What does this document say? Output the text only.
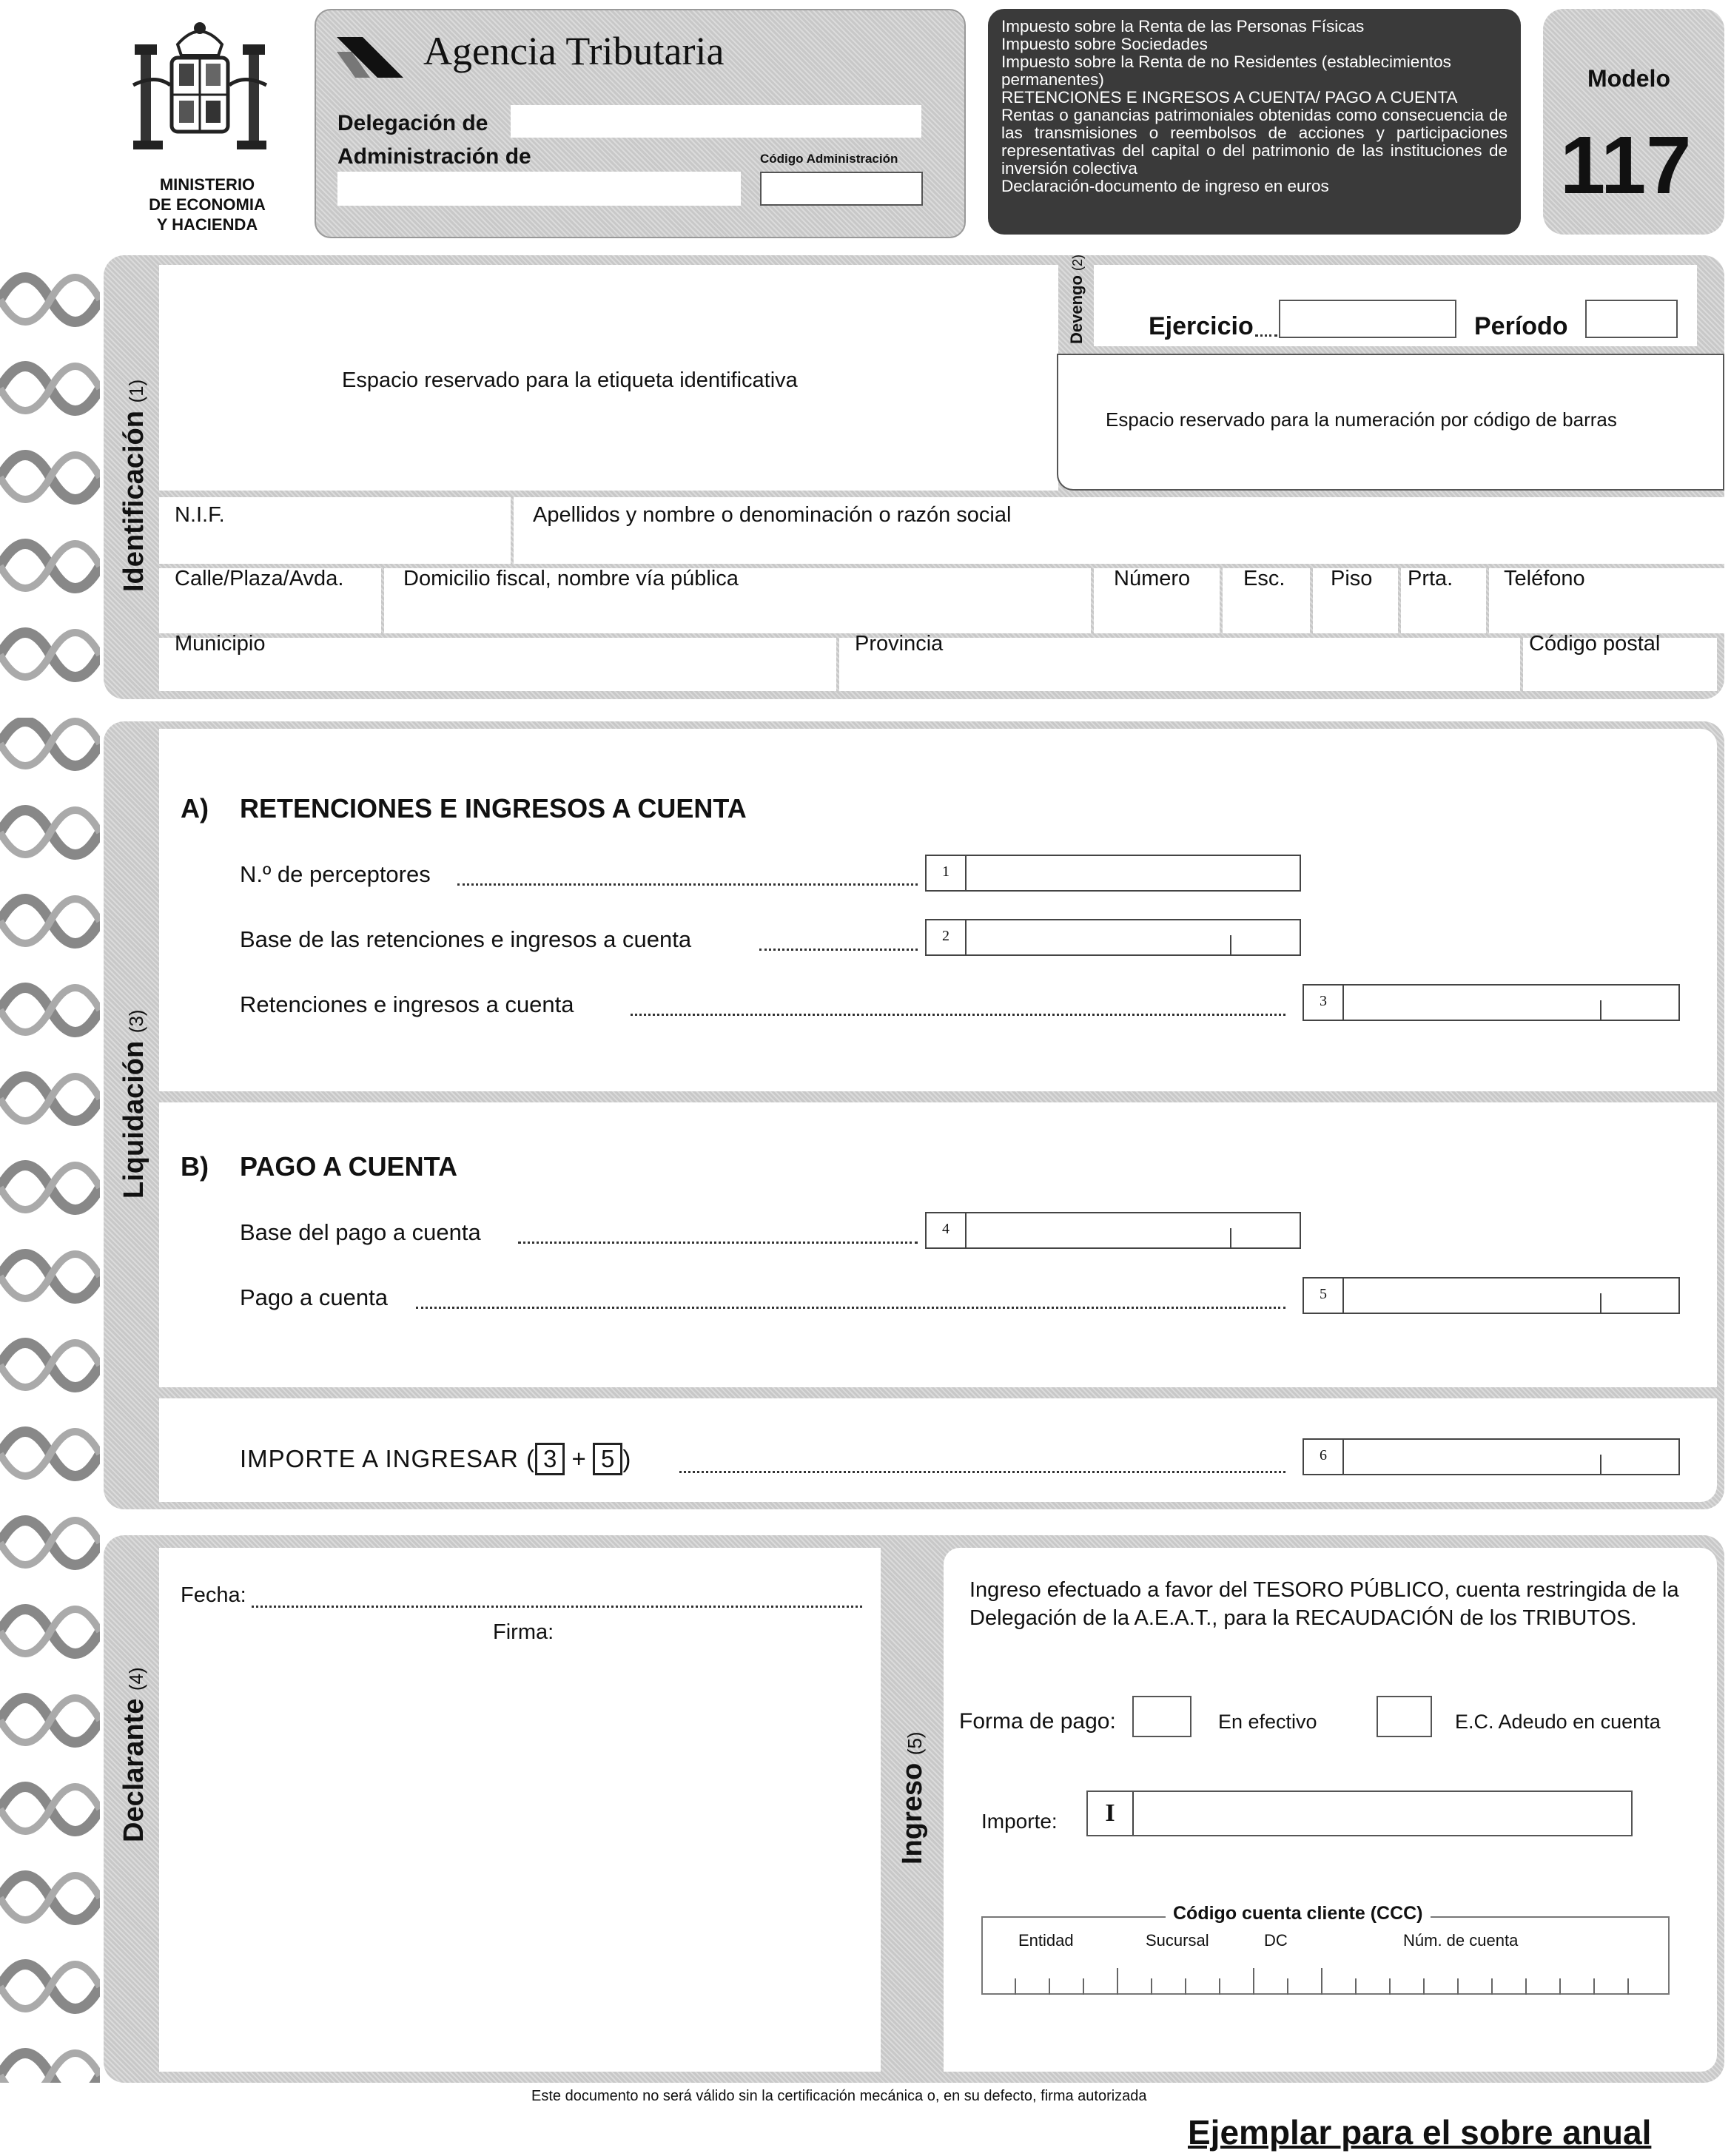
MINISTERIO
DE ECONOMIA
Y HACIENDA
Agencia Tributaria
Delegación de
Administración de	Código Administración
Impuesto sobre la Renta de las Personas Físicas
Impuesto sobre Sociedades
Impuesto sobre la Renta de no Residentes (establecimientos permanentes)
RETENCIONES E INGRESOS A CUENTA/ PAGO A CUENTA
Rentas o ganancias patrimoniales obtenidas como consecuencia de las transmisiones o reembolsos de acciones y participaciones representativas del capital o del patrimonio de las instituciones de inversión colectiva
Declaración-documento de ingreso en euros
Modelo
117
Identificación (1)	Espacio reservado para la etiqueta identificativa
Devengo (2)
Ejercicio	Período
Espacio reservado para la numeración por código de barras
N.I.F.	Apellidos y nombre o denominación o razón social
Calle/Plaza/Avda.	Domicilio fiscal, nombre vía pública	Número Esc. Piso Prta. Teléfono
Municipio	Provincia	Código postal
Liquidación (3)
A) RETENCIONES E INGRESOS A CUENTA
N.º de perceptores	1
Base de las retenciones e ingresos a cuenta	2
Retenciones e ingresos a cuenta	3
B) PAGO A CUENTA
Base del pago a cuenta	4
Pago a cuenta	5
IMPORTE A INGRESAR ( 3 + 5 )	6
Declarante (4)
Fecha:
Firma:
Ingreso (5)
Ingreso efectuado a favor del TESORO PÚBLICO, cuenta restringida de la Delegación de la A.E.A.T., para la RECAUDACIÓN de los TRIBUTOS.
Forma de pago:	En efectivo	E.C. Adeudo en cuenta
Importe:	I
Código cuenta cliente (CCC)
Entidad	Sucursal	DC	Núm. de cuenta
Este documento no será válido sin la certificación mecánica o, en su defecto, firma autorizada
Ejemplar para el sobre anual
